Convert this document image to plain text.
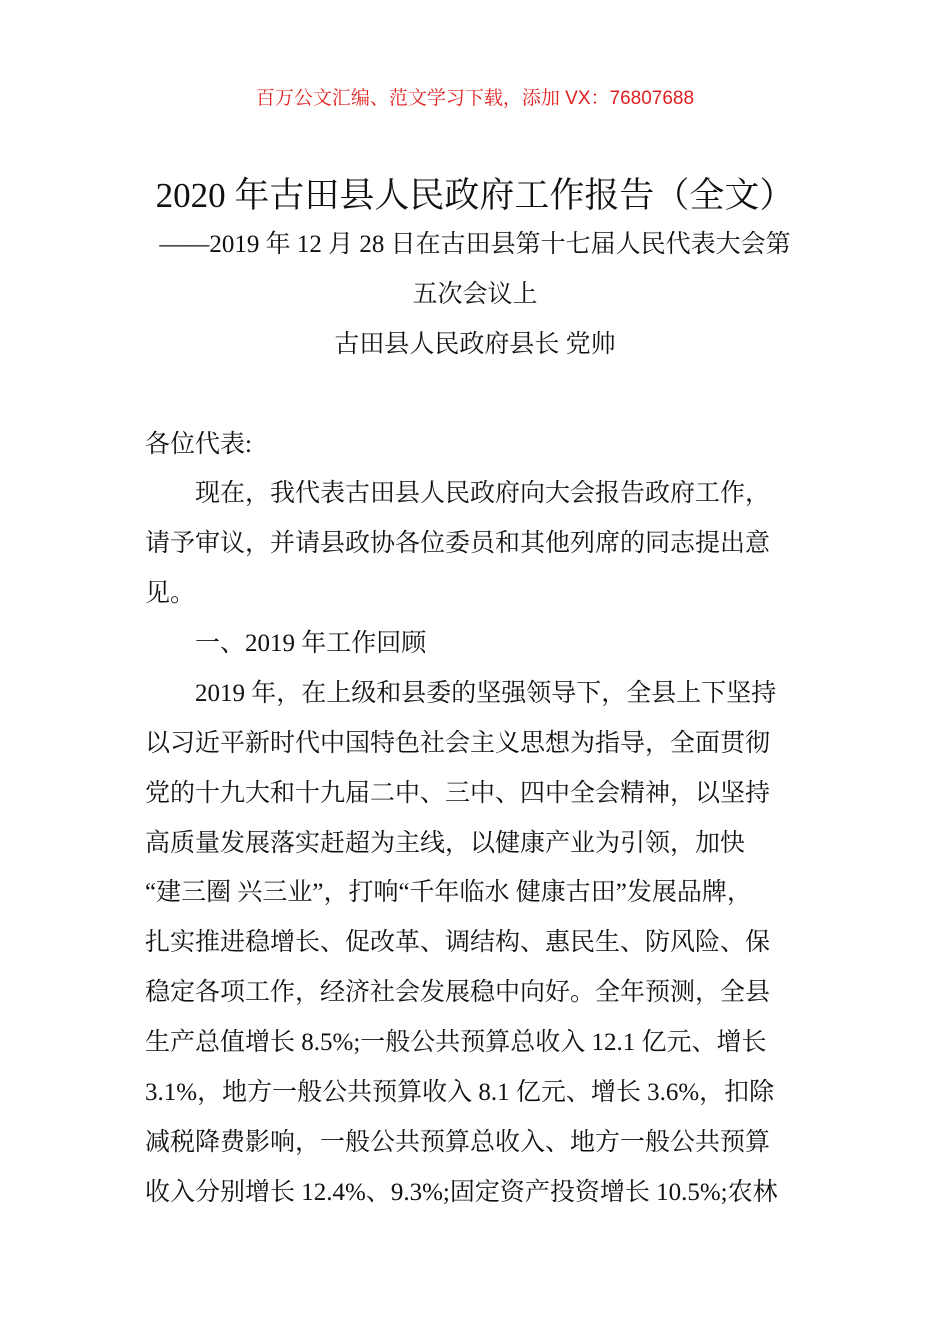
百万公文汇编、范文学习下载，添加 VX：76807688
2020 年古田县人民政府工作报告（全文）
——2019 年 12 月 28 日在古田县第十七届人民代表大会第
五次会议上
古田县人民政府县长 党帅
各位代表:
现在，我代表古田县人民政府向大会报告政府工作，
请予审议，并请县政协各位委员和其他列席的同志提出意
见。
一、2019 年工作回顾
2019 年，在上级和县委的坚强领导下，全县上下坚持
以习近平新时代中国特色社会主义思想为指导，全面贯彻
党的十九大和十九届二中、三中、四中全会精神，以坚持
高质量发展落实赶超为主线，以健康产业为引领，加快
“建三圈 兴三业”，打响“千年临水 健康古田”发展品牌，
扎实推进稳增长、促改革、调结构、惠民生、防风险、保
稳定各项工作，经济社会发展稳中向好。全年预测，全县
生产总值增长 8.5%;一般公共预算总收入 12.1 亿元、增长
3.1%，地方一般公共预算收入 8.1 亿元、增长 3.6%，扣除
减税降费影响，一般公共预算总收入、地方一般公共预算
收入分别增长 12.4%、9.3%;固定资产投资增长 10.5%;农林
